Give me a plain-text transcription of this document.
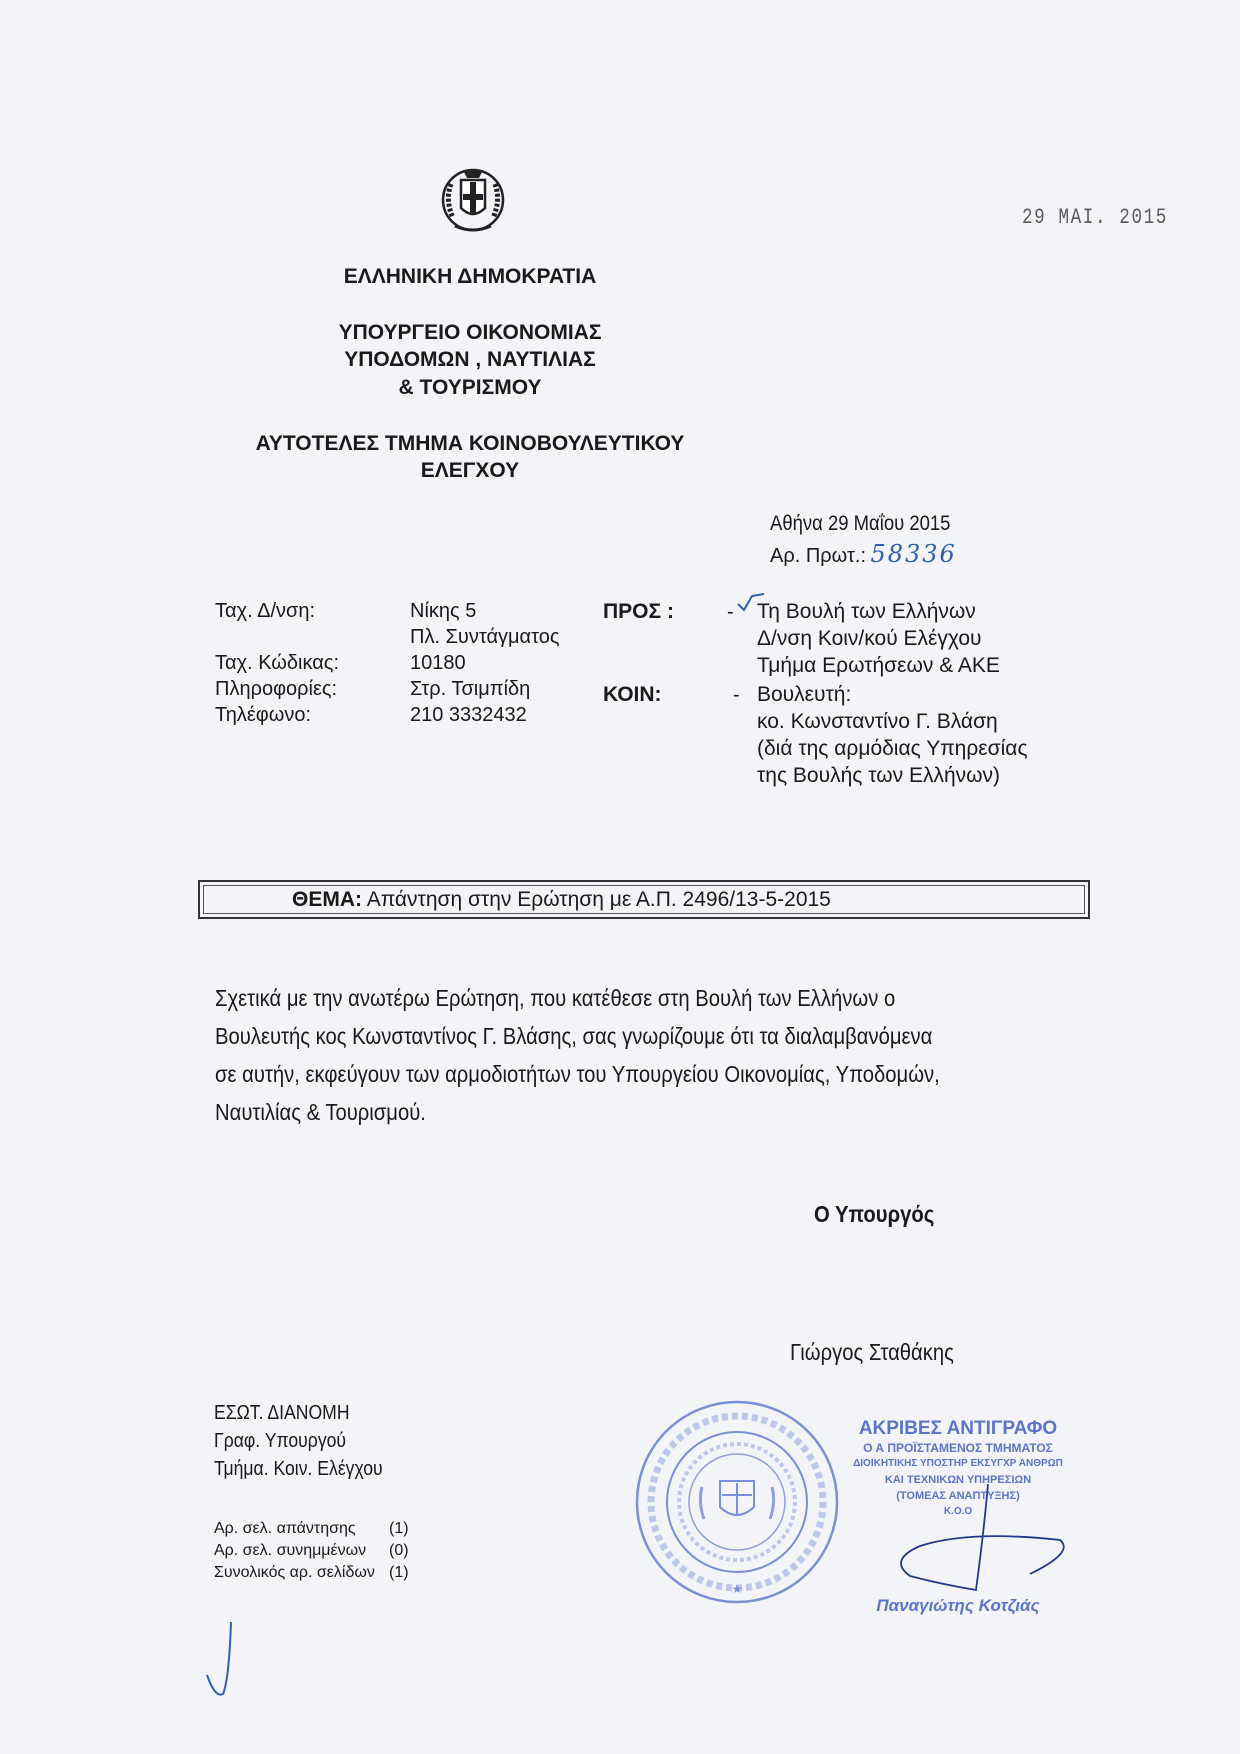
29 ΜΑΙ. 2015
ΕΛΛΗΝΙΚΗ ΔΗΜΟΚΡΑΤΙΑ
ΥΠΟΥΡΓΕΙΟ ΟΙΚΟΝΟΜΙΑΣ
ΥΠΟΔΟΜΩΝ , ΝΑΥΤΙΛΙΑΣ
& ΤΟΥΡΙΣΜΟΥ
ΑΥΤΟΤΕΛΕΣ ΤΜΗΜΑ ΚΟΙΝΟΒΟΥΛΕΥΤΙΚΟΥ
ΕΛΕΓΧΟΥ
Αθήνα 29 Μαΐου 2015
Αρ. Πρωτ.: 58336
Ταχ. Δ/νση:	Νίκης 5
Πλ. Συντάγματος
Ταχ. Κώδικας:	10180
Πληροφορίες:	Στρ. Τσιμπίδη
Τηλέφωνο:	210 3332432
ΠΡΟΣ :	- Τη Βουλή των Ελλήνων
Δ/νση Κοιν/κού Ελέγχου
Τμήμα Ερωτήσεων & ΑΚΕ
ΚΟΙΝ:	- Βουλευτή:
κο. Κωνσταντίνο Γ. Βλάση
(διά της αρμόδιας Υπηρεσίας
της Βουλής των Ελλήνων)
ΘΕΜΑ: Απάντηση στην Ερώτηση με Α.Π. 2496/13-5-2015
Σχετικά με την ανωτέρω Ερώτηση, που κατέθεσε στη Βουλή των Ελλήνων ο
Βουλευτής κος Κωνσταντίνος Γ. Βλάσης, σας γνωρίζουμε ότι τα διαλαμβανόμενα
σε αυτήν, εκφεύγουν των αρμοδιοτήτων του Υπουργείου Οικονομίας, Υποδομών,
Ναυτιλίας & Τουρισμού.
Ο Υπουργός
Γιώργος Σταθάκης
ΕΣΩΤ. ΔΙΑΝΟΜΗ
Γραφ. Υπουργού
Τμήμα. Κοιν. Ελέγχου
Αρ. σελ. απάντησης	(1)
Αρ. σελ. συνημμένων	(0)
Συνολικός αρ. σελίδων (1)
★
ΑΚΡΙΒΕΣ ΑΝΤΙΓΡΑΦΟ
Ο Α ΠΡΟΪΣΤΑΜΕΝΟΣ ΤΜΗΜΑΤΟΣ
ΔΙΟΙΚΗΤΙΚΗΣ ΥΠΟΣΤΗΡ ΕΚΣΥΓΧΡ ΑΝΘΡΩΠ
ΚΑΙ ΤΕΧΝΙΚΩΝ ΥΠΗΡΕΣΙΩΝ
(ΤΟΜΕΑΣ ΑΝΑΠΤΥΞΗΣ)
Κ.Ο.Ο
Παναγιώτης Κοτζιάς
